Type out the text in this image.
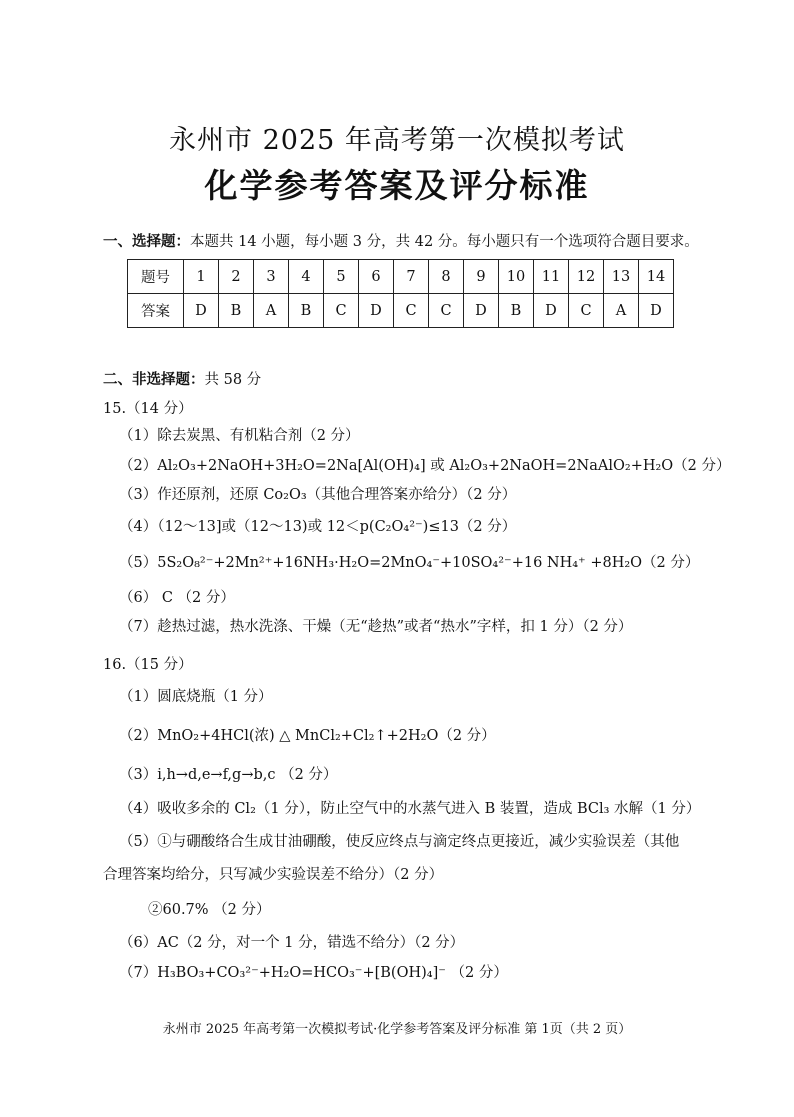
永州市 2025 年高考第一次模拟考试
化学参考答案及评分标准
一、选择题：本题共 14 小题，每小题 3 分，共 42 分。每小题只有一个选项符合题目要求。
题号	1	2	3	4	5	6	7	8	9	10	11	12	13	14
答案	D	B	A	B	C	D	C	C	D	B	D	C	A	D
二、非选择题：共 58 分
15.（14 分）
（1）除去炭黑、有机粘合剂（2 分）
（2）Al₂O₃+2NaOH+3H₂O=2Na[Al(OH)₄] 或 Al₂O₃+2NaOH=2NaAlO₂+H₂O（2 分）
（3）作还原剂，还原 Co₂O₃（其他合理答案亦给分）（2 分）
（4）（12～13]或（12～13)或 12＜p(C₂O₄²⁻)≤13（2 分）
（5）5S₂O₈²⁻+2Mn²⁺+16NH₃·H₂O=2MnO₄⁻+10SO₄²⁻+16 NH₄⁺ +8H₂O（2 分）
（6） C （2 分）
（7）趁热过滤，热水洗涤、干燥（无“趁热”或者“热水”字样，扣 1 分）（2 分）
16.（15 分）
（1）圆底烧瓶（1 分）
（2）MnO₂+4HCl(浓) △ MnCl₂+Cl₂↑+2H₂O（2 分）
（3）i,h→d,e→f,g→b,c （2 分）
（4）吸收多余的 Cl₂（1 分），防止空气中的水蒸气进入 B 装置，造成 BCl₃ 水解（1 分）
（5）①与硼酸络合生成甘油硼酸，使反应终点与滴定终点更接近，减少实验误差（其他
合理答案均给分，只写减少实验误差不给分）（2 分）
②60.7% （2 分）
（6）AC（2 分，对一个 1 分，错选不给分）（2 分）
（7）H₃BO₃+CO₃²⁻+H₂O=HCO₃⁻+[B(OH)₄]⁻ （2 分）
永州市 2025 年高考第一次模拟考试·化学参考答案及评分标准 第 1页（共 2 页）
